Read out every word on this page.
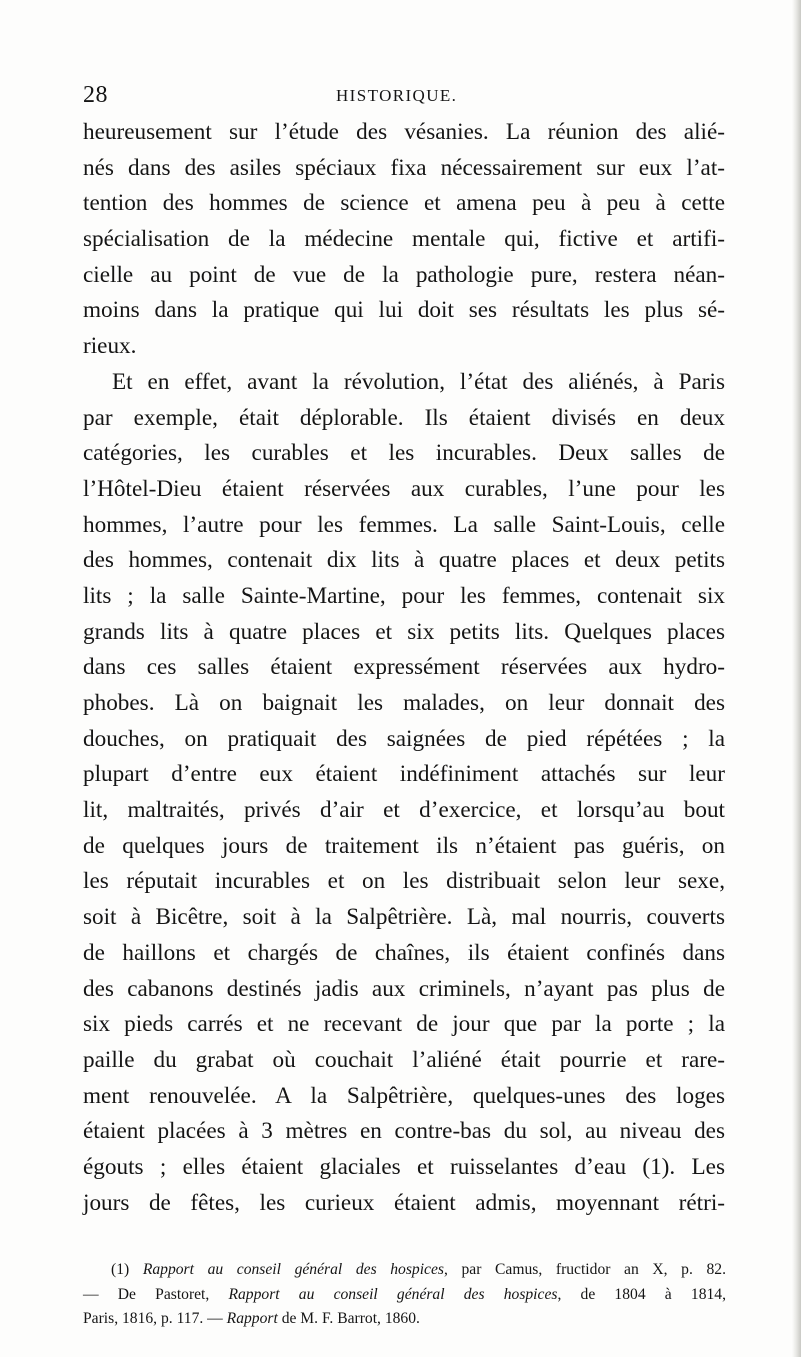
28	HISTORIQUE.
heureusement sur l’étude des vésanies. La réunion des alié-
nés dans des asiles spéciaux fixa nécessairement sur eux l’at-
tention des hommes de science et amena peu à peu à cette
spécialisation de la médecine mentale qui, fictive et artifi-
cielle au point de vue de la pathologie pure, restera néan-
moins dans la pratique qui lui doit ses résultats les plus sé-
rieux.
Et en effet, avant la révolution, l’état des aliénés, à Paris
par exemple, était déplorable. Ils étaient divisés en deux
catégories, les curables et les incurables. Deux salles de
l’Hôtel-Dieu étaient réservées aux curables, l’une pour les
hommes, l’autre pour les femmes. La salle Saint-Louis, celle
des hommes, contenait dix lits à quatre places et deux petits
lits ; la salle Sainte-Martine, pour les femmes, contenait six
grands lits à quatre places et six petits lits. Quelques places
dans ces salles étaient expressément réservées aux hydro-
phobes. Là on baignait les malades, on leur donnait des
douches, on pratiquait des saignées de pied répétées ; la
plupart d’entre eux étaient indéfiniment attachés sur leur
lit, maltraités, privés d’air et d’exercice, et lorsqu’au bout
de quelques jours de traitement ils n’étaient pas guéris, on
les réputait incurables et on les distribuait selon leur sexe,
soit à Bicêtre, soit à la Salpêtrière. Là, mal nourris, couverts
de haillons et chargés de chaînes, ils étaient confinés dans
des cabanons destinés jadis aux criminels, n’ayant pas plus de
six pieds carrés et ne recevant de jour que par la porte ; la
paille du grabat où couchait l’aliéné était pourrie et rare-
ment renouvelée. A la Salpêtrière, quelques-unes des loges
étaient placées à 3 mètres en contre-bas du sol, au niveau des
égouts ; elles étaient glaciales et ruisselantes d’eau (1). Les
jours de fêtes, les curieux étaient admis, moyennant rétri-
(1) Rapport au conseil général des hospices, par Camus, fructidor an X, p. 82.
— De Pastoret, Rapport au conseil général des hospices, de 1804 à 1814,
Paris, 1816, p. 117. — Rapport de M. F. Barrot, 1860.
